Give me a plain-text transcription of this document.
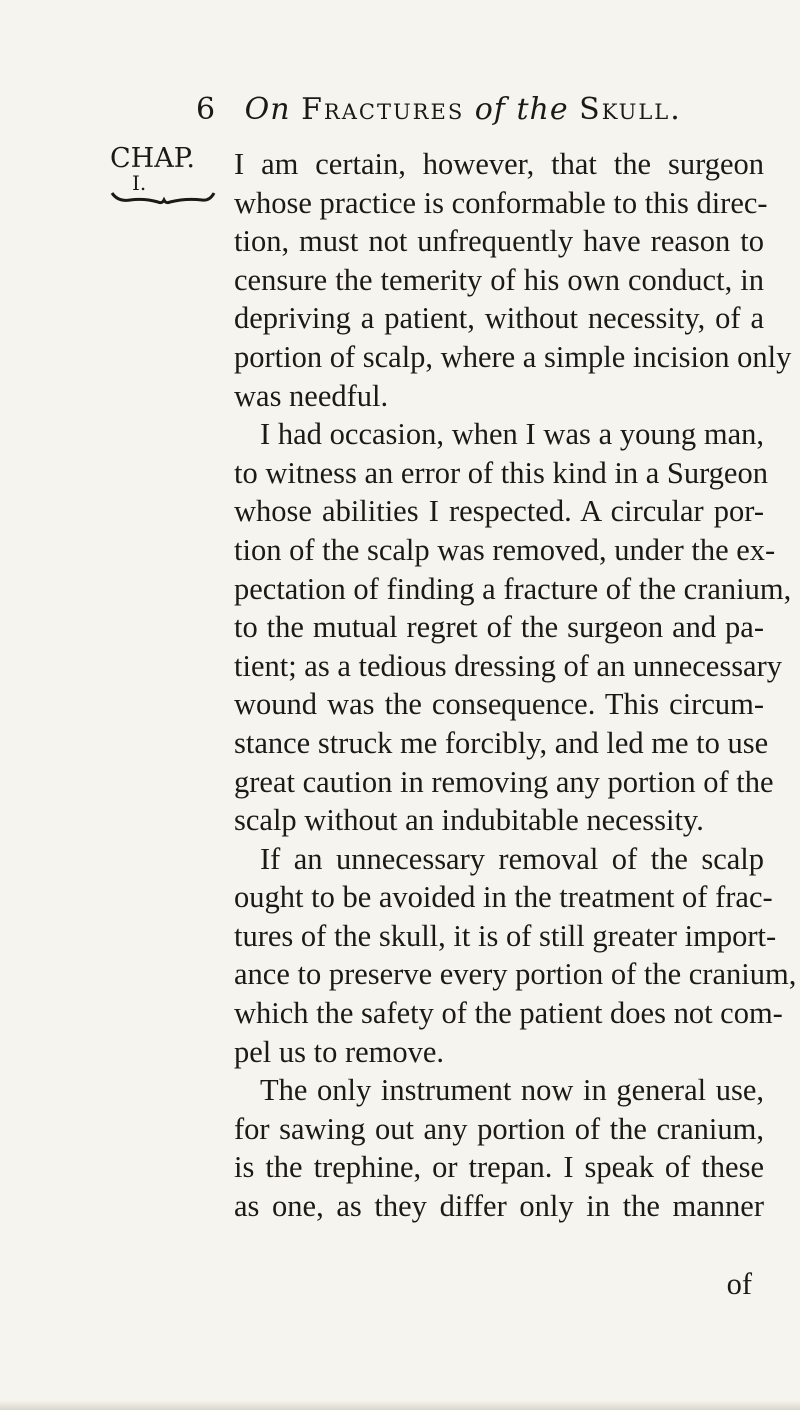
6 On Fractures of the Skull.
CHAP.
I.
I am certain, however, that the surgeon
whose practice is conformable to this direc-
tion, must not unfrequently have reason to
censure the temerity of his own conduct, in
depriving a patient, without necessity, of a
portion of scalp, where a simple incision only
was needful.
I had occasion, when I was a young man,
to witness an error of this kind in a Surgeon
whose abilities I respected. A circular por-
tion of the scalp was removed, under the ex-
pectation of finding a fracture of the cranium,
to the mutual regret of the surgeon and pa-
tient; as a tedious dressing of an unnecessary
wound was the consequence. This circum-
stance struck me forcibly, and led me to use
great caution in removing any portion of the
scalp without an indubitable necessity.
If an unnecessary removal of the scalp
ought to be avoided in the treatment of frac-
tures of the skull, it is of still greater import-
ance to preserve every portion of the cranium,
which the safety of the patient does not com-
pel us to remove.
The only instrument now in general use,
for sawing out any portion of the cranium,
is the trephine, or trepan. I speak of these
as one, as they differ only in the manner
of
